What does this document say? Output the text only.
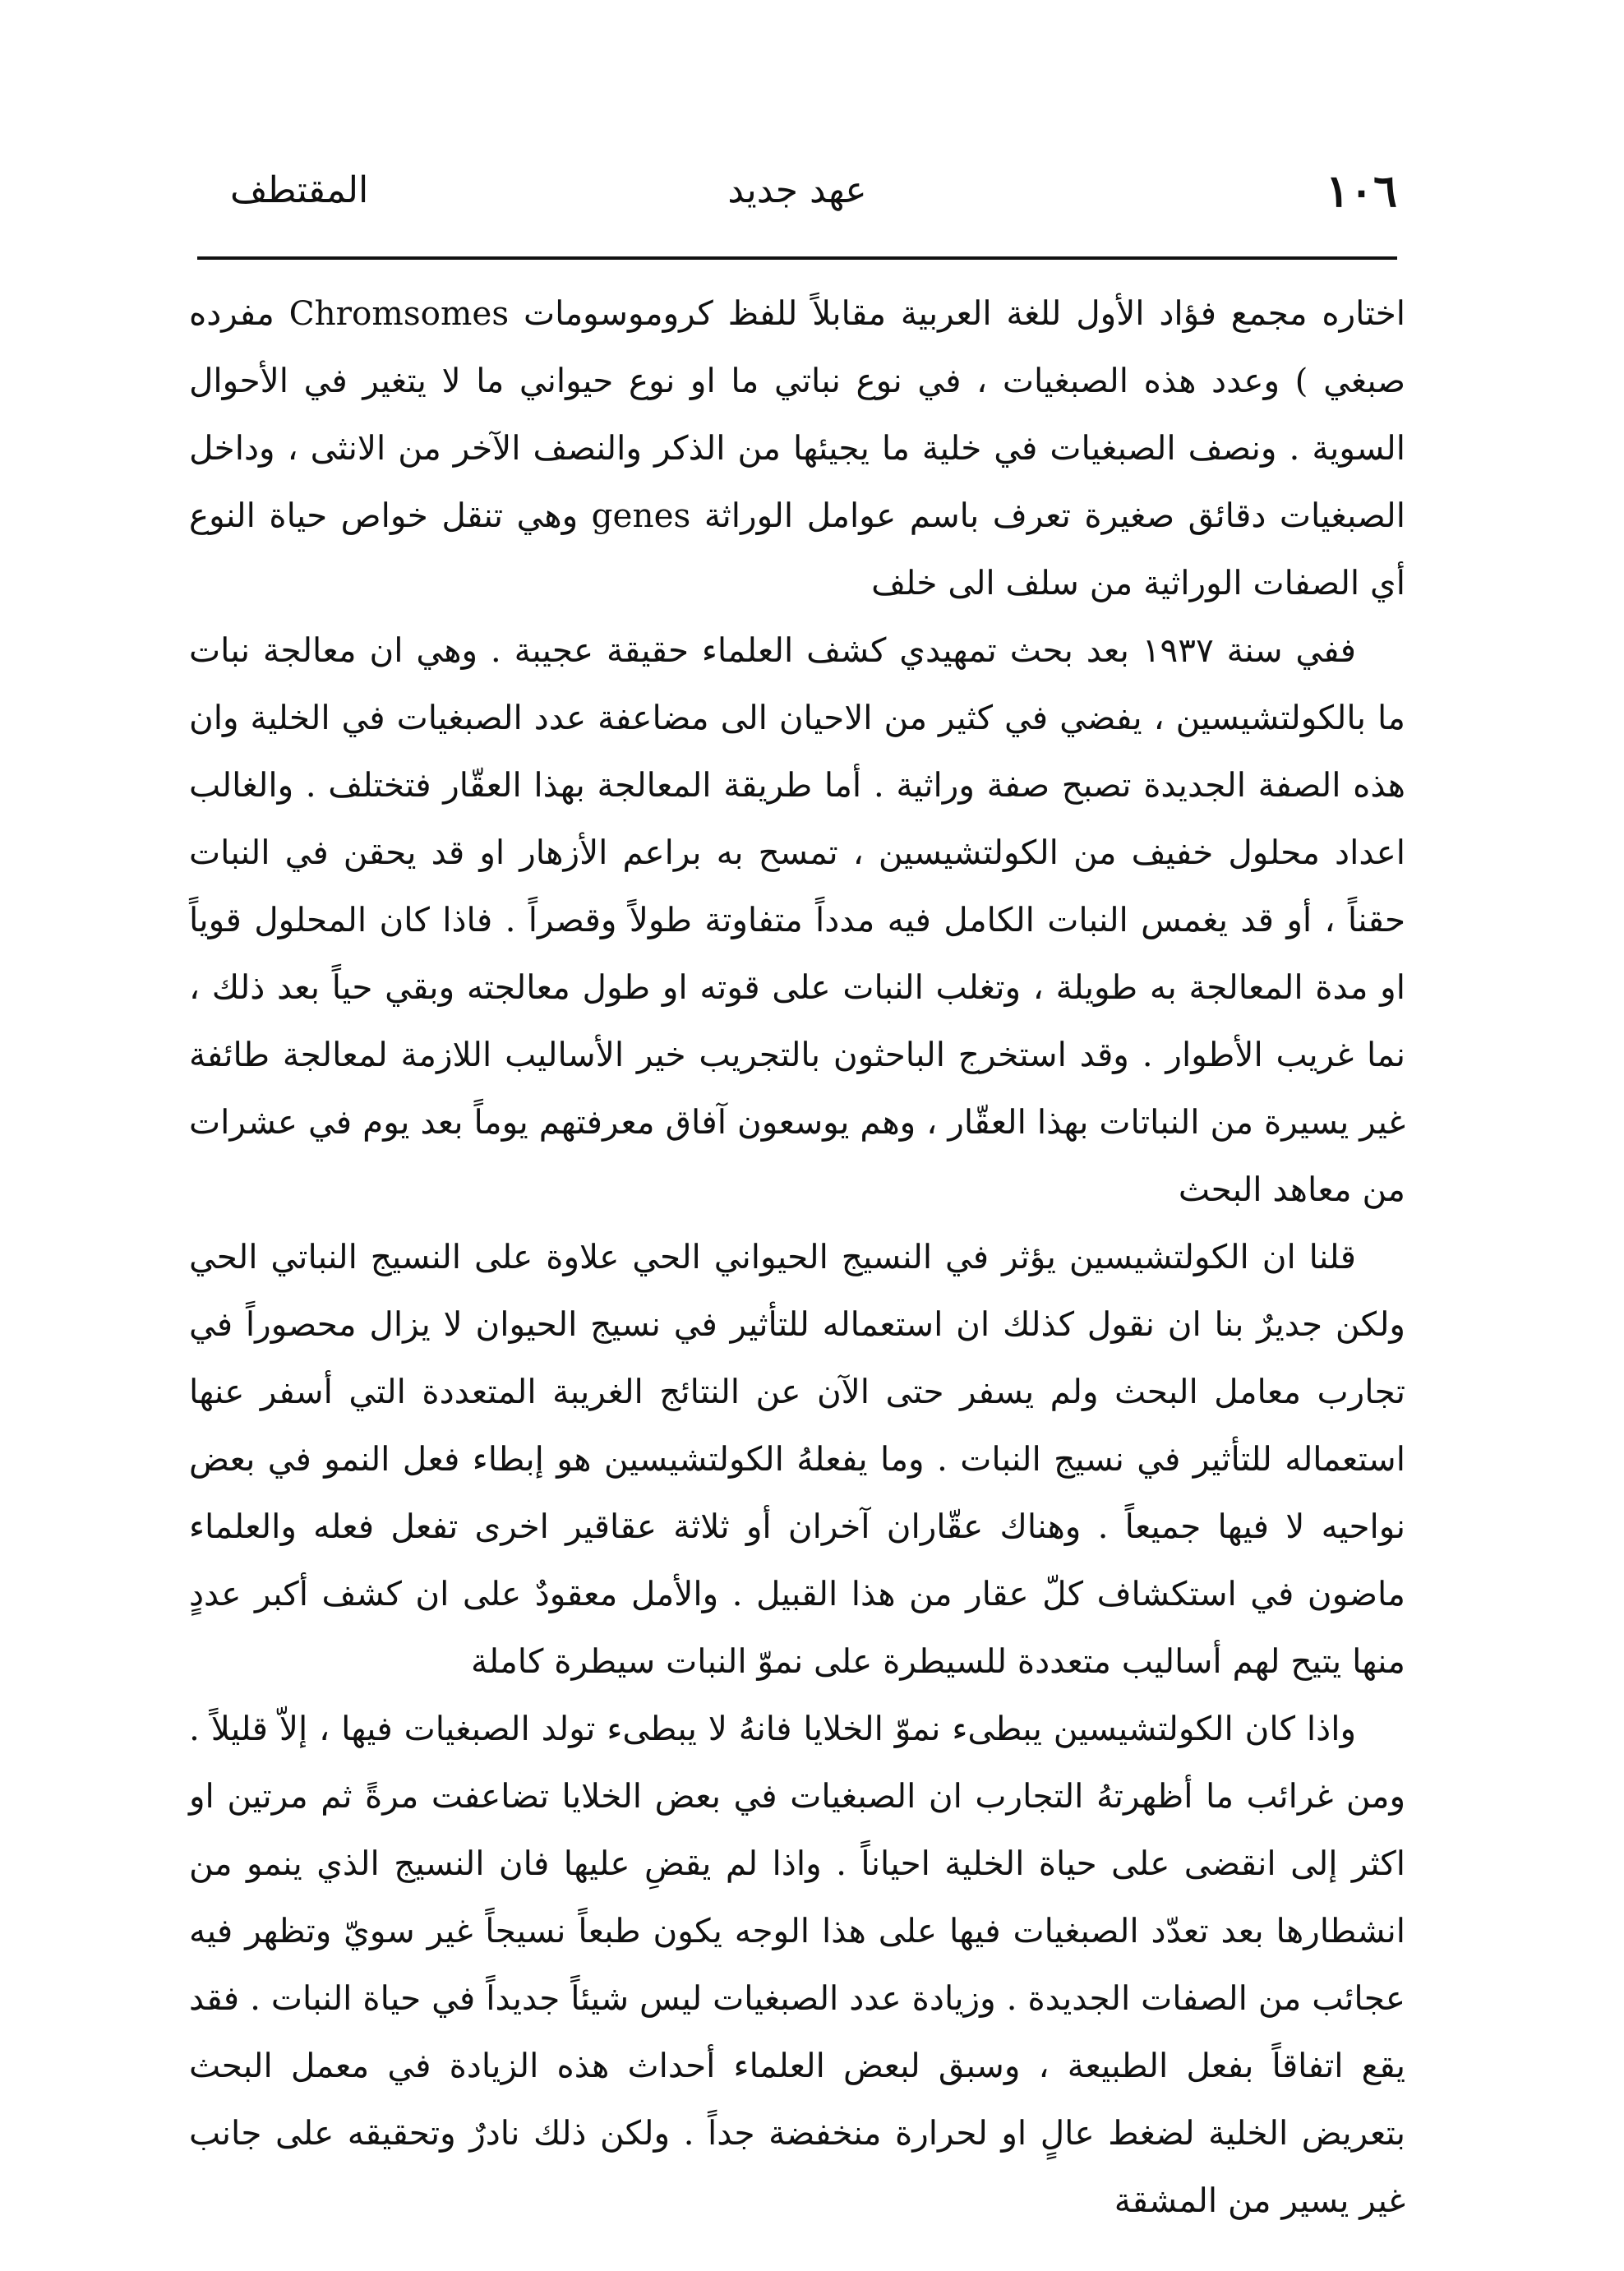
١٠٦
عهد جديد
المقتطف

اختاره مجمع فؤاد الأول للغة العربية مقابلاً للفظ كروموسومات Chromsomes مفرده صبغي ) وعدد هذه الصبغيات ، في نوع نباتي ما او نوع حيواني ما لا يتغير في الأحوال السوية . ونصف الصبغيات في خلية ما يجيئها من الذكر والنصف الآخر من الانثى ، وداخل الصبغيات دقائق صغيرة تعرف باسم عوامل الوراثة genes وهي تنقل خواص حياة النوع أي الصفات الوراثية من سلف الى خلف

ففي سنة ١٩٣٧ بعد بحث تمهيدي كشف العلماء حقيقة عجيبة . وهي ان معالجة نبات ما بالكولتشيسين ، يفضي في كثير من الاحيان الى مضاعفة عدد الصبغيات في الخلية وان هذه الصفة الجديدة تصبح صفة وراثية . أما طريقة المعالجة بهذا العقّار فتختلف . والغالب اعداد محلول خفيف من الكولتشيسين ، تمسح به براعم الأزهار او قد يحقن في النبات حقناً ، أو قد يغمس النبات الكامل فيه مدداً متفاوتة طولاً وقصراً . فاذا كان المحلول قوياً او مدة المعالجة به طويلة ، وتغلب النبات على قوته او طول معالجته وبقي حياً بعد ذلك ، نما غريب الأطوار . وقد استخرج الباحثون بالتجريب خير الأساليب اللازمة لمعالجة طائفة غير يسيرة من النباتات بهذا العقّار ، وهم يوسعون آفاق معرفتهم يوماً بعد يوم في عشرات من معاهد البحث

قلنا ان الكولتشيسين يؤثر في النسيج الحيواني الحي علاوة على النسيج النباتي الحي ولكن جديرٌ بنا ان نقول كذلك ان استعماله للتأثير في نسيج الحيوان لا يزال محصوراً في تجارب معامل البحث ولم يسفر حتى الآن عن النتائج الغريبة المتعددة التي أسفر عنها استعماله للتأثير في نسيج النبات . وما يفعلهُ الكولتشيسين هو إبطاء فعل النمو في بعض نواحيه لا فيها جميعاً . وهناك عقّاران آخران أو ثلاثة عقاقير اخرى تفعل فعله والعلماء ماضون في استكشاف كلّ عقار من هذا القبيل . والأمل معقودٌ على ان كشف أكبر عددٍ منها يتيح لهم أساليب متعددة للسيطرة على نموّ النبات سيطرة كاملة

واذا كان الكولتشيسين يبطىء نموّ الخلايا فانهُ لا يبطىء تولد الصبغيات فيها ، إلاّ قليلاً . ومن غرائب ما أظهرتهُ التجارب ان الصبغيات في بعض الخلايا تضاعفت مرةً ثم مرتين او اكثر إلى انقضى على حياة الخلية احياناً . واذا لم يقضِ عليها فان النسيج الذي ينمو من انشطارها بعد تعدّد الصبغيات فيها على هذا الوجه يكون طبعاً نسيجاً غير سويّ وتظهر فيه عجائب من الصفات الجديدة . وزيادة عدد الصبغيات ليس شيئاً جديداً في حياة النبات . فقد يقع اتفاقاً بفعل الطبيعة ، وسبق لبعض العلماء أحداث هذه الزيادة في معمل البحث بتعريض الخلية لضغط عالٍ او لحرارة منخفضة جداً . ولكن ذلك نادرٌ وتحقيقه على جانب غير يسير من المشقة
